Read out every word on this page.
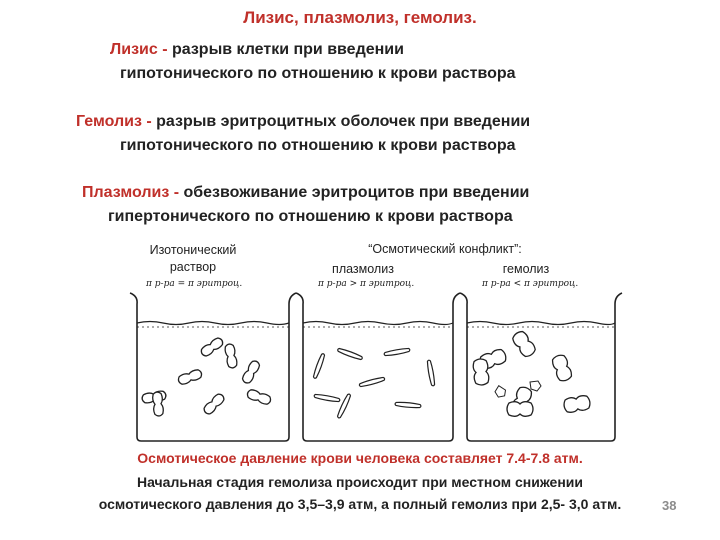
Лизис, плазмолиз, гемолиз.
Лизис - разрыв клетки при введении
гипотонического по отношению к крови раствора
Гемолиз - разрыв эритроцитных оболочек при введении
гипотонического по отношению к крови раствора
Плазмолиз - обезвоживание эритроцитов при введении
гипертонического по отношению к крови раствора
Изотонический
раствор
“Осмотический конфликт”:
плазмолиз	гемолиз
π р-ра = π эритроц.	π р-ра > π эритроц.	π р-ра < π эритроц.
Осмотическое давление крови человека составляет 7.4-7.8 атм.
Начальная стадия гемолиза происходит при местном снижении
осмотического давления до 3,5–3,9 атм, а полный гемолиз при 2,5- 3,0 атм.	38
